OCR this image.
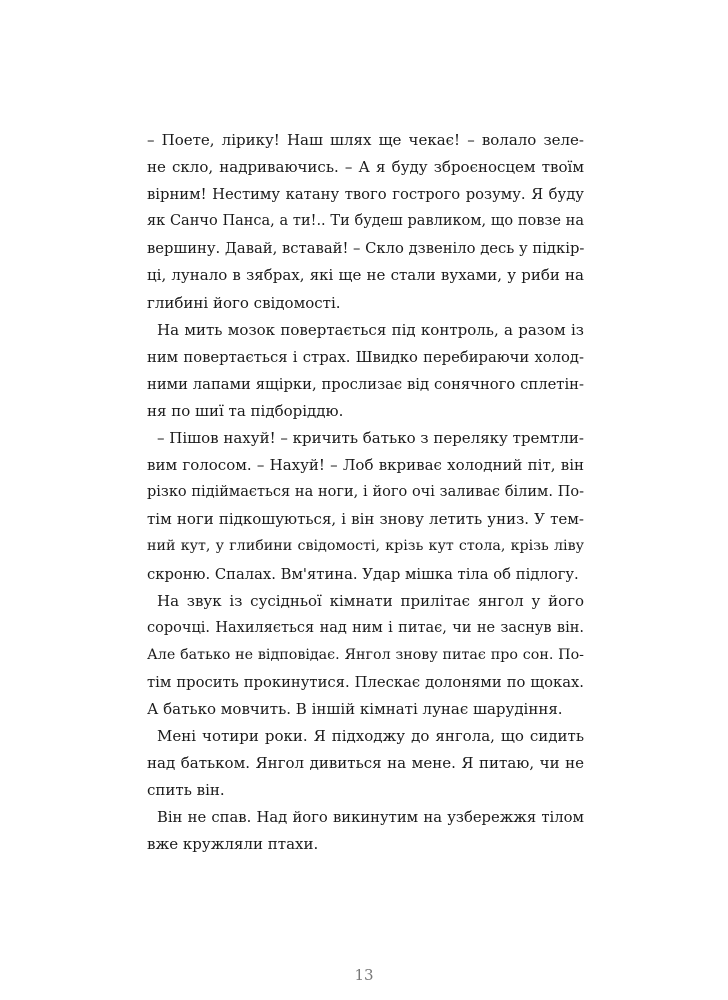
– Поете, лірику! Наш шлях ще чекає! – волало зеле-
не скло, надриваючись. – А я буду зброєносцем твоїм
вірним! Нестиму катану твого гострого розуму. Я буду
як Санчо Панса, а ти!.. Ти будеш равликом, що повзе на
вершину. Давай, вставай! – Скло дзвеніло десь у підкір-
ці, лунало в зябрах, які ще не стали вухами, у риби на
глибині його свідомості.
На мить мозок повертається під контроль, а разом із
ним повертається і страх. Швидко перебираючи холод-
ними лапами ящірки, прослизає від сонячного сплетін-
ня по шиї та підборіддю.
– Пішов нахуй! – кричить батько з переляку тремтли-
вим голосом. – Нахуй! – Лоб вкриває холодний піт, він
різко підіймається на ноги, і його очі заливає білим. По-
тім ноги підкошуються, і він знову летить униз. У тем-
ний кут, у глибини свідомості, крізь кут стола, крізь ліву
скроню. Спалах. Вм'ятина. Удар мішка тіла об підлогу.
На звук із сусідньої кімнати прилітає янгол у його
сорочці. Нахиляється над ним і питає, чи не заснув він.
Але батько не відповідає. Янгол знову питає про сон. По-
тім просить прокинутися. Плескає долонями по щоках.
А батько мовчить. В іншій кімнаті лунає шарудіння.
Мені чотири роки. Я підходжу до янгола, що сидить
над батьком. Янгол дивиться на мене. Я питаю, чи не
спить він.
Він не спав. Над його викинутим на узбережжя тілом
вже кружляли птахи.
13
